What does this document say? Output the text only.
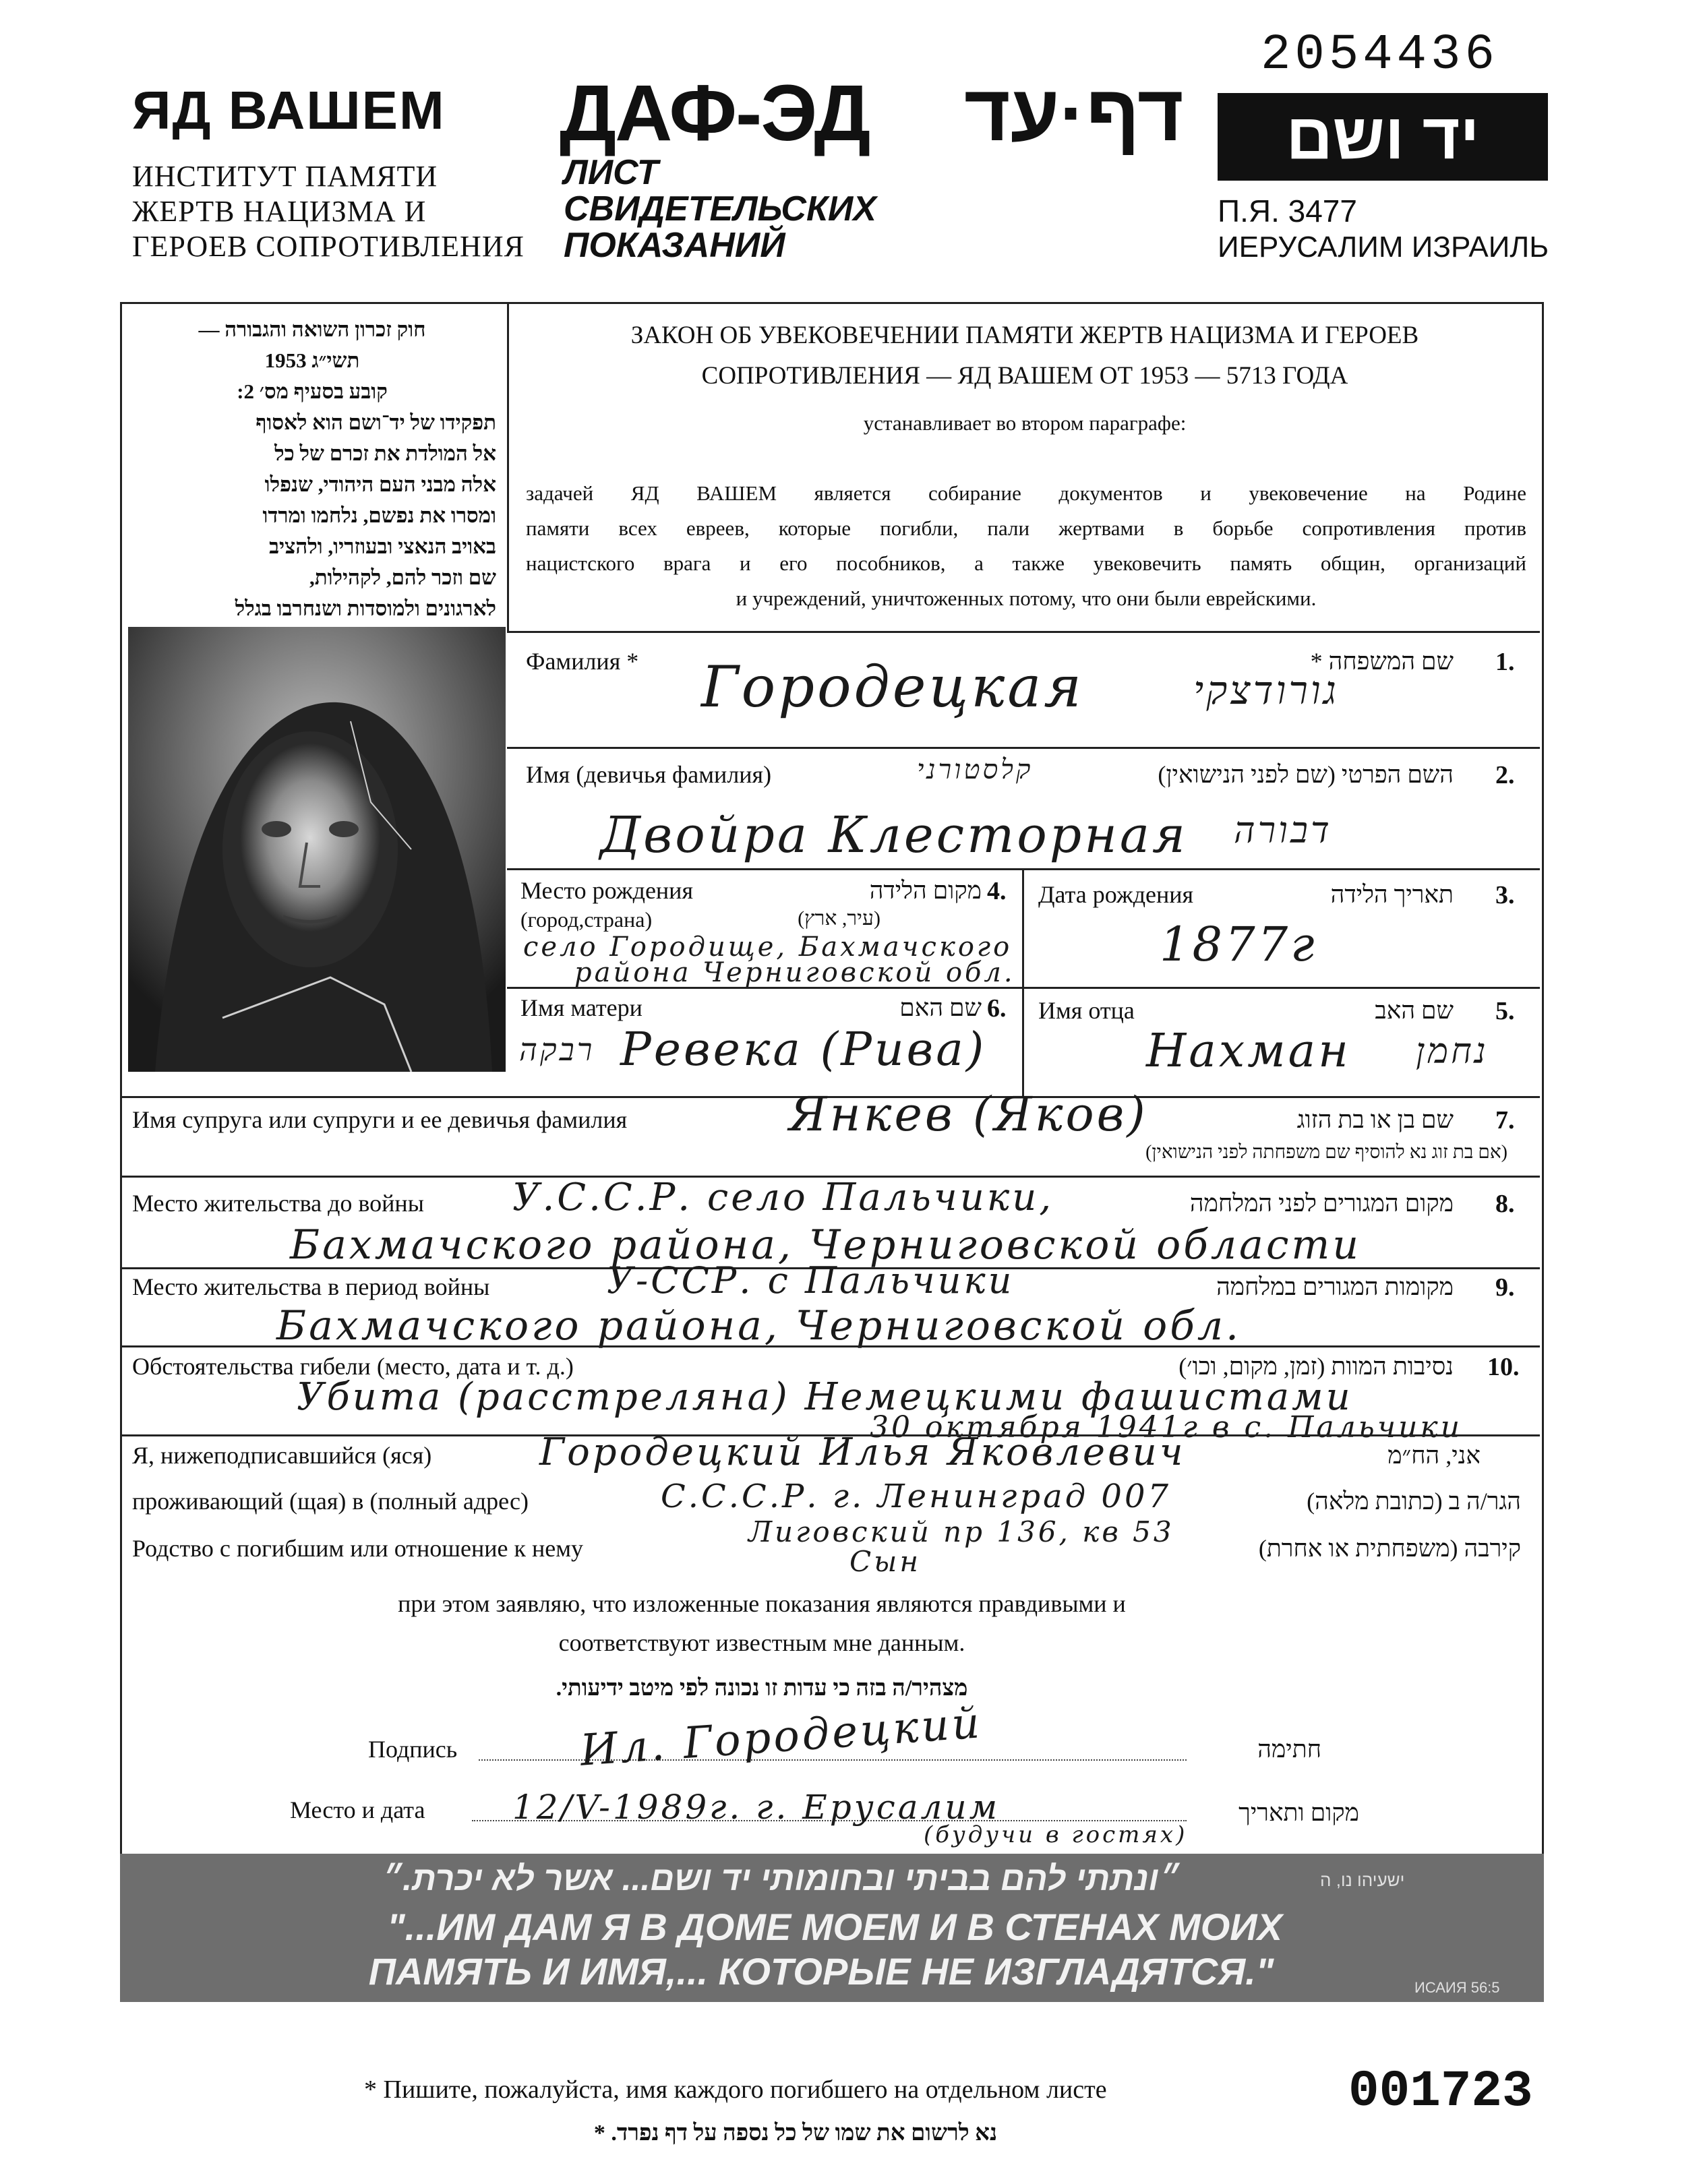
2054436
ЯД ВАШЕМ
ИНСТИТУТ ПАМЯТИ
ЖЕРТВ НАЦИЗМА И
ГЕРОЕВ СОПРОТИВЛЕНИЯ
ДАФ-ЭД דף·עד
ЛИСТ
СВИДЕТЕЛЬСКИХ
ПОКАЗАНИЙ
יד ושם
П.Я. 3477
ИЕРУСАЛИМ ИЗРАИЛЬ
חוק זכרון השואה והגבורה —
תשי״ג 1953
קובע בסעיף מס׳ 2:
תפקידו של יד־ושם הוא לאסוף
אל המולדת את זכרם של כל
אלה מבני העם היהודי, שנפלו
ומסרו את נפשם, נלחמו ומרדו
באויב הנאצי ובעוזריו, ולהציב
שם וזכר להם, לקהילות,
לארגונים ולמוסדות ושנחרבו בגלל
ЗАКОН ОБ УВЕКОВЕЧЕНИИ ПАМЯТИ ЖЕРТВ НАЦИЗМА И ГЕРОЕВ
СОПРОТИВЛЕНИЯ — ЯД ВАШЕМ ОТ 1953 — 5713 ГОДА
устанавливает во втором параграфе:
задачей ЯД ВАШЕМ является собирание документов и увековечение на Родине
памяти всех евреев, которые погибли, пали жертвами в борьбе сопротивления против
нацистского врага и его пособников, а также увековечить память общин, организаций
и учреждений, уничтоженных потому, что они были еврейскими.
Фамилия *	שם המשפחה * 1.
Городецкая	גורודצקי
Имя (девичья фамилия)	השם הפרטי (שם לפני הנישואין) 2.
קלסטורני
Двойра Клесторная דבורה
Место рождения	מקום הלידה 4.
(город,страна)	(עיר, ארץ)
село Городище, Бахмачского
района Черниговской обл.
Дата рождения	תאריך הלידה 3.
1877г
Имя матери	שם האם 6.
רבקה Ревека (Рива)
Имя отца	שם האב 5.
Нахман נחמן
Имя супруга или супруги и ее девичья фамилия	שם בן או בת הזוג
(אם בת זוג נא להוסיף שם משפחתה לפני הנישואין)
7.
Янкев (Яков)
Место жительства до войны	מקום המגורים לפני המלחמה 8.
У.С.С.Р. село Пальчики,
Бахмачского района, Черниговской области
Место жительства в период войны	מקומות המגורים במלחמה 9.
У-ССР. с Пальчики
Бахмачского района, Черниговской обл.
Обстоятельства гибели (место, дата и т. д.)	נסיבות המוות (זמן, מקום, וכו׳) 10.
Убита (расстреляна) Немецкими фашистами
30 октября 1941г в с. Пальчики
Я, нижеподписавшийся (яся)	אני, הח״מ
Городецкий Илья Яковлевич
проживающий (щая) в (полный адрес)	הגר/ה ב (כתובת מלאה)
С.С.С.Р. г. Ленинград 007
Родство с погибшим или отношение к нему	קירבה (משפחתית או אחרת)
Лиговский пр 136, кв 53
Сын
при этом заявляю, что изложенные показания являются правдивыми и
соответствуют известным мне данным.
מצהיר/ה בזה כי עדות זו נכונה לפי מיטב ידיעותי.
Подпись	Ил. Городецкий	חתימה
Место и дата	12/V-1989г. г. Ерусалим
(будучи в гостях)
מקום ותאריך
״ונתתי להם בביתי ובחומותי יד ושם... אשר לא יכרת.״	ישעיהו נו, ה
"...ИМ ДАМ Я В ДОМЕ МОЕМ И В СТЕНАХ МОИХ
ПАМЯТЬ И ИМЯ,... КОТОРЫЕ НЕ ИЗГЛАДЯТСЯ."	ИСАИЯ 56:5
* Пишите, пожалуйста, имя каждого погибшего на отдельном листе
נא לרשום את שמו של כל נספה על דף נפרד. *
001723
